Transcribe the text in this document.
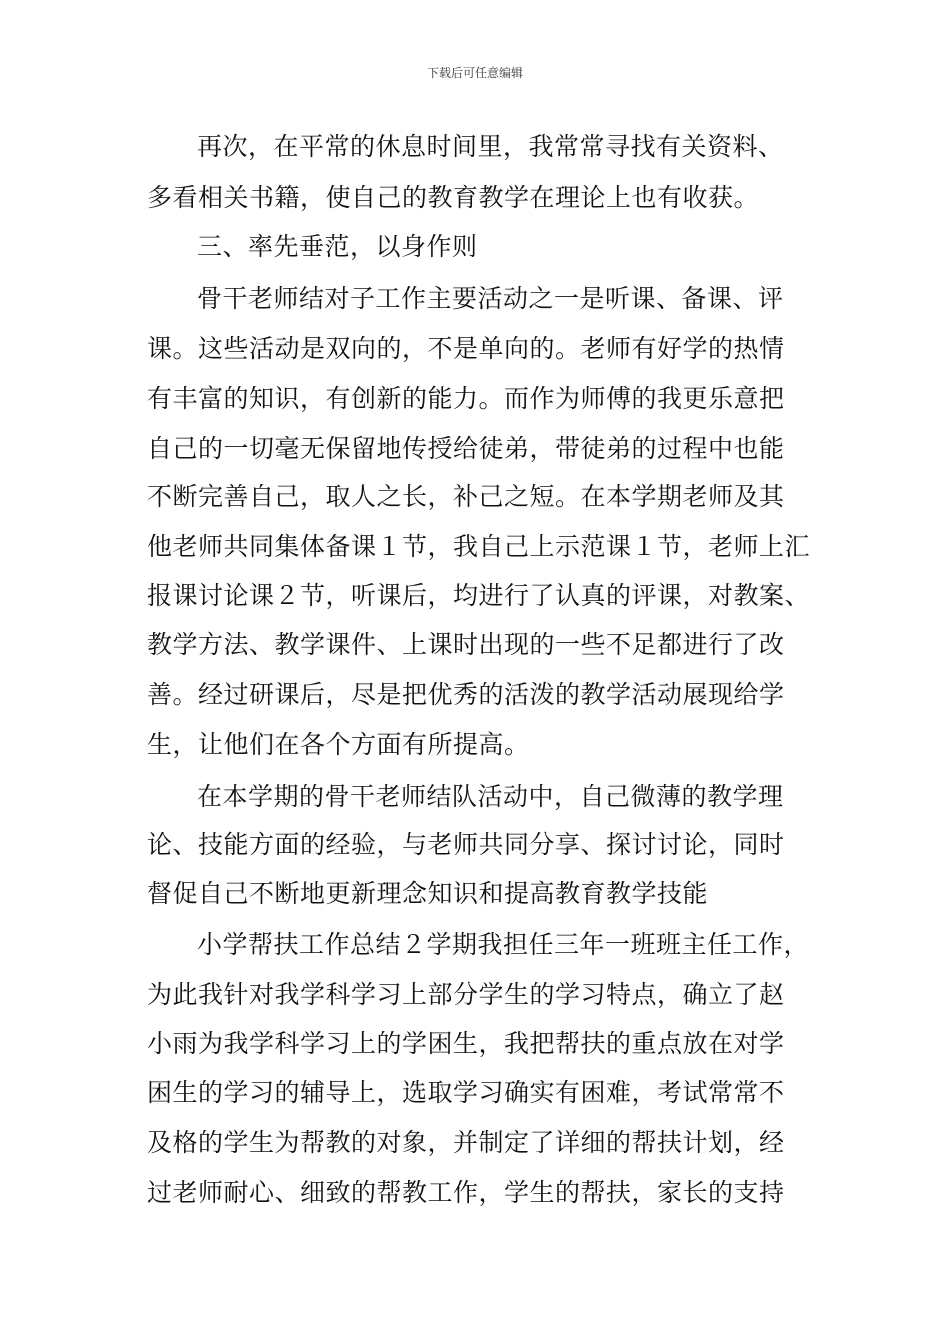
下载后可任意编辑
再次，在平常的休息时间里，我常常寻找有关资料、
多看相关书籍，使自己的教育教学在理论上也有收获。
三、率先垂范，以身作则
骨干老师结对子工作主要活动之一是听课、备课、评
课。这些活动是双向的，不是单向的。老师有好学的热情
有丰富的知识，有创新的能力。而作为师傅的我更乐意把
自己的一切毫无保留地传授给徒弟，带徒弟的过程中也能
不断完善自己，取人之长，补己之短。在本学期老师及其
他老师共同集体备课１节，我自己上示范课１节，老师上汇
报课讨论课２节，听课后，均进行了认真的评课，对教案、
教学方法、教学课件、上课时出现的一些不足都进行了改
善。经过研课后，尽是把优秀的活泼的教学活动展现给学
生，让他们在各个方面有所提高。
在本学期的骨干老师结队活动中，自己微薄的教学理
论、技能方面的经验，与老师共同分享、探讨讨论，同时
督促自己不断地更新理念知识和提高教育教学技能
小学帮扶工作总结２学期我担任三年一班班主任工作，
为此我针对我学科学习上部分学生的学习特点，确立了赵
小雨为我学科学习上的学困生，我把帮扶的重点放在对学
困生的学习的辅导上，选取学习确实有困难，考试常常不
及格的学生为帮教的对象，并制定了详细的帮扶计划，经
过老师耐心、细致的帮教工作，学生的帮扶，家长的支持
